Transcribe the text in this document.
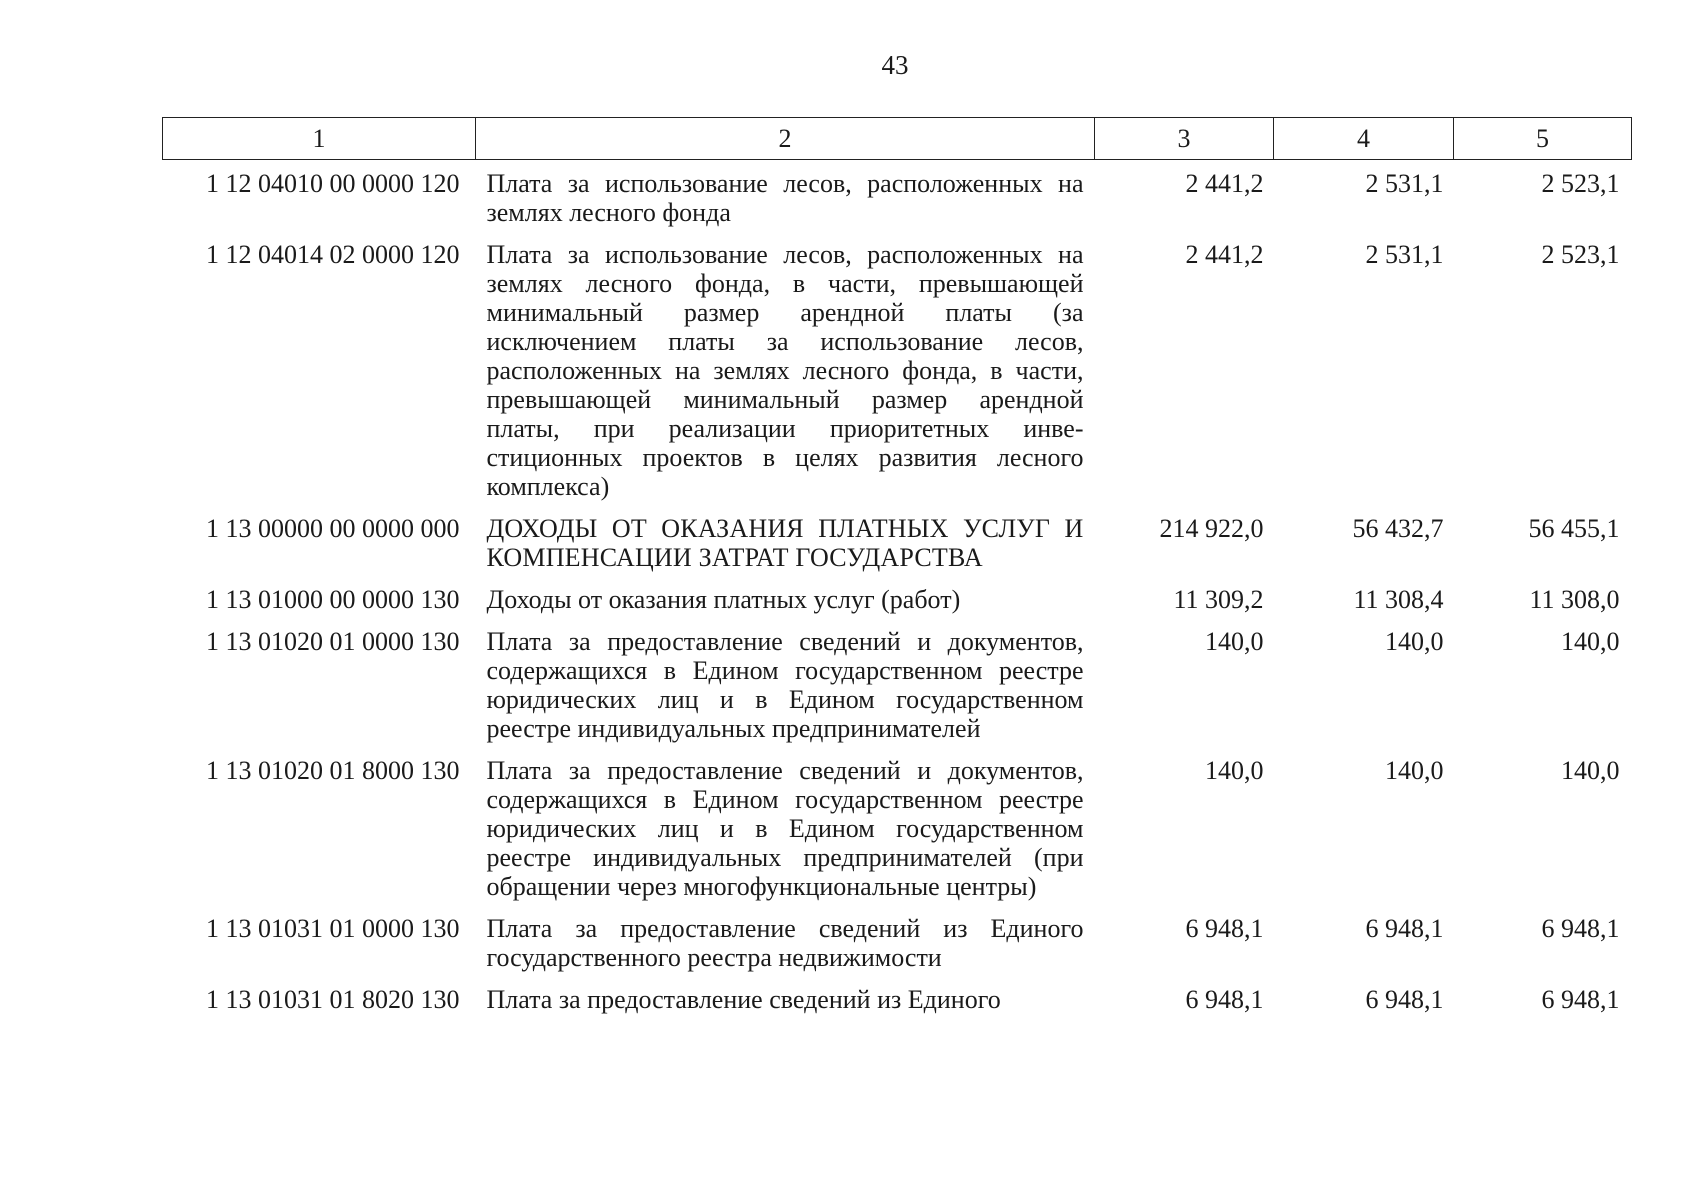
43
1	2	3	4	5
1 12 04010 00 0000 120	Плата за использование лесов, расположенных на землях лесного фонда	2 441,2	2 531,1	2 523,1
1 12 04014 02 0000 120	Плата за использование лесов, расположенных на землях лесного фонда, в части, превышающей минимальный размер арендной платы (за исключением платы за использование лесов, расположенных на землях лесного фонда, в части, превышающей минимальный размер арендной платы, при реализации приоритетных инвестиционных проектов в целях развития лесного комплекса)	2 441,2	2 531,1	2 523,1
1 13 00000 00 0000 000	ДОХОДЫ ОТ ОКАЗАНИЯ ПЛАТНЫХ УСЛУГ И КОМПЕНСАЦИИ ЗАТРАТ ГОСУДАРСТВА	214 922,0	56 432,7	56 455,1
1 13 01000 00 0000 130	Доходы от оказания платных услуг (работ)	11 309,2	11 308,4	11 308,0
1 13 01020 01 0000 130	Плата за предоставление сведений и документов, содержащихся в Едином государственном реестре юридических лиц и в Едином государственном реестре индивидуальных предпринимателей	140,0	140,0	140,0
1 13 01020 01 8000 130	Плата за предоставление сведений и документов, содержащихся в Едином государственном реестре юридических лиц и в Едином государственном реестре индивидуальных предпринимателей (при обращении через многофункциональные центры)	140,0	140,0	140,0
1 13 01031 01 0000 130	Плата за предоставление сведений из Единого государственного реестра недвижимости	6 948,1	6 948,1	6 948,1
1 13 01031 01 8020 130	Плата за предоставление сведений из Единого	6 948,1	6 948,1	6 948,1
